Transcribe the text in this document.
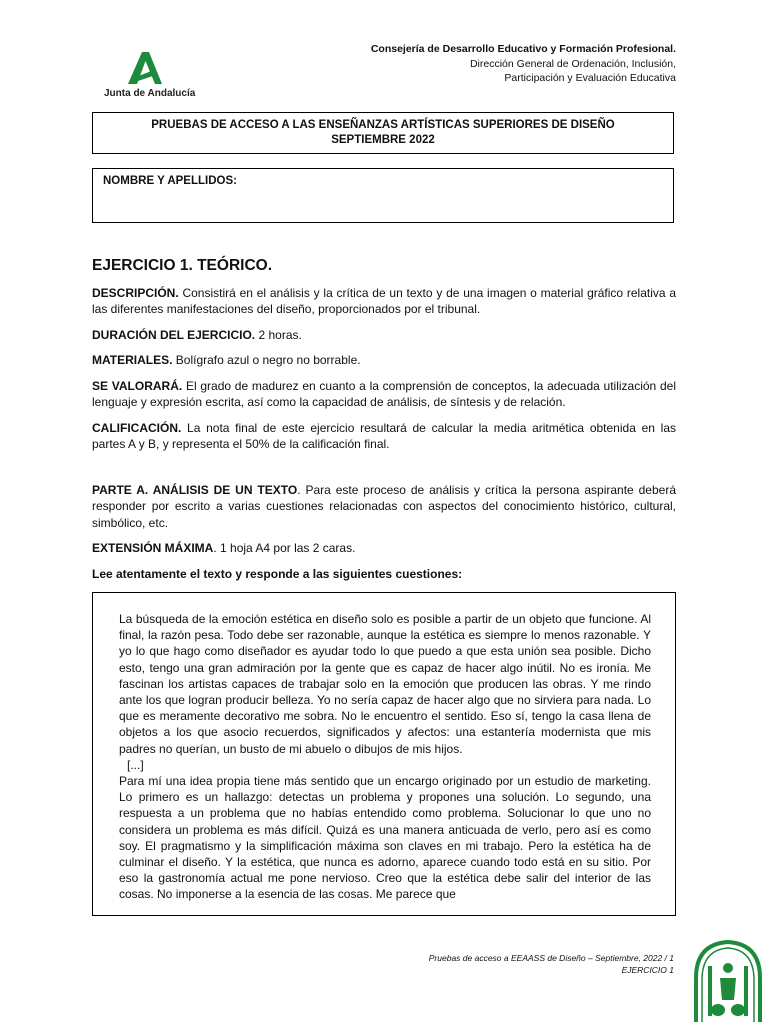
Junta de Andalucía
Consejería de Desarrollo Educativo y Formación Profesional.
Dirección General de Ordenación, Inclusión,
Participación y Evaluación Educativa
PRUEBAS DE ACCESO A LAS ENSEÑANZAS ARTÍSTICAS SUPERIORES DE DISEÑO
SEPTIEMBRE 2022
NOMBRE Y APELLIDOS:
EJERCICIO 1. TEÓRICO.

DESCRIPCIÓN. Consistirá en el análisis y la crítica de un texto y de una imagen o material gráfico relativa a las diferentes manifestaciones del diseño, proporcionados por el tribunal.

DURACIÓN DEL EJERCICIO. 2 horas.

MATERIALES. Bolígrafo azul o negro no borrable.

SE VALORARÁ. El grado de madurez en cuanto a la comprensión de conceptos, la adecuada utilización del lenguaje y expresión escrita, así como la capacidad de análisis, de síntesis y de relación.

CALIFICACIÓN. La nota final de este ejercicio resultará de calcular la media aritmética obtenida en las partes A y B, y representa el 50% de la calificación final.

PARTE A. ANÁLISIS DE UN TEXTO. Para este proceso de análisis y crítica la persona aspirante deberá responder por escrito a varias cuestiones relacionadas con aspectos del conocimiento histórico, cultural, simbólico, etc.

EXTENSIÓN MÁXIMA. 1 hoja A4 por las 2 caras.

Lee atentamente el texto y responde a las siguientes cuestiones:

La búsqueda de la emoción estética en diseño solo es posible a partir de un objeto que funcione. Al final, la razón pesa. Todo debe ser razonable, aunque la estética es siempre lo menos razonable. Y yo lo que hago como diseñador es ayudar todo lo que puedo a que esta unión sea posible. Dicho esto, tengo una gran admiración por la gente que es capaz de hacer algo inútil. No es ironía. Me fascinan los artistas capaces de trabajar solo en la emoción que producen las obras. Y me rindo ante los que logran producir belleza. Yo no sería capaz de hacer algo que no sirviera para nada. Lo que es meramente decorativo me sobra. No le encuentro el sentido. Eso sí, tengo la casa llena de objetos a los que asocio recuerdos, significados y afectos: una estantería modernista que mis padres no querían, un busto de mi abuelo o dibujos de mis hijos.

[...]

Para mí una idea propia tiene más sentido que un encargo originado por un estudio de marketing. Lo primero es un hallazgo: detectas un problema y propones una solución. Lo segundo, una respuesta a un problema que no habías entendido como problema. Solucionar lo que uno no considera un problema es más difícil. Quizá es una manera anticuada de verlo, pero así es como soy. El pragmatismo y la simplificación máxima son claves en mi trabajo. Pero la estética ha de culminar el diseño. Y la estética, que nunca es adorno, aparece cuando todo está en su sitio. Por eso la gastronomía actual me pone nervioso. Creo que la estética debe salir del interior de las cosas. No imponerse a la esencia de las cosas. Me parece que

Pruebas de acceso a EEAASS de Diseño – Septiembre, 2022 / 1
EJERCICIO 1
